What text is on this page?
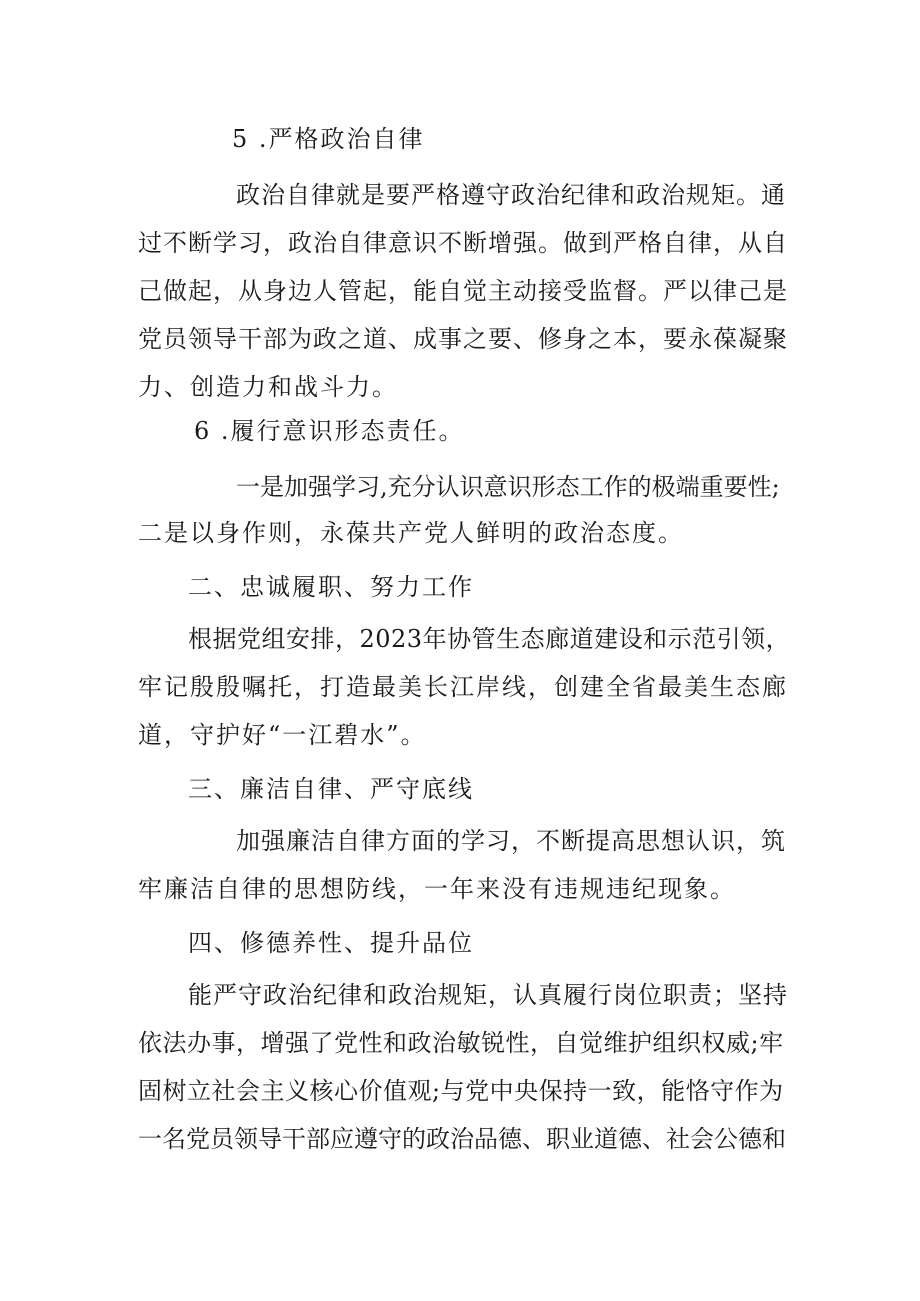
5 .严格政治自律
政治自律就是要严格遵守政治纪律和政治规矩。通
过不断学习，政治自律意识不断增强。做到严格自律，从自
己做起，从身边人管起，能自觉主动接受监督。严以律己是
党员领导干部为政之道、成事之要、修身之本，要永葆凝聚
力、创造力和战斗力。
6 .履行意识形态责任。
一是加强学习,充分认识意识形态工作的极端重要性;
二是以身作则，永葆共产党人鲜明的政治态度。
二、忠诚履职、努力工作
根据党组安排，2023年协管生态廊道建设和示范引领，
牢记殷殷嘱托，打造最美长江岸线，创建全省最美生态廊
道，守护好“一江碧水”。
三、廉洁自律、严守底线
加强廉洁自律方面的学习，不断提高思想认识，筑
牢廉洁自律的思想防线，一年来没有违规违纪现象。
四、修德养性、提升品位
能严守政治纪律和政治规矩，认真履行岗位职责；坚持
依法办事，增强了党性和政治敏锐性，自觉维护组织权威;牢
固树立社会主义核心价值观;与党中央保持一致，能恪守作为
一名党员领导干部应遵守的政治品德、职业道德、社会公德和
